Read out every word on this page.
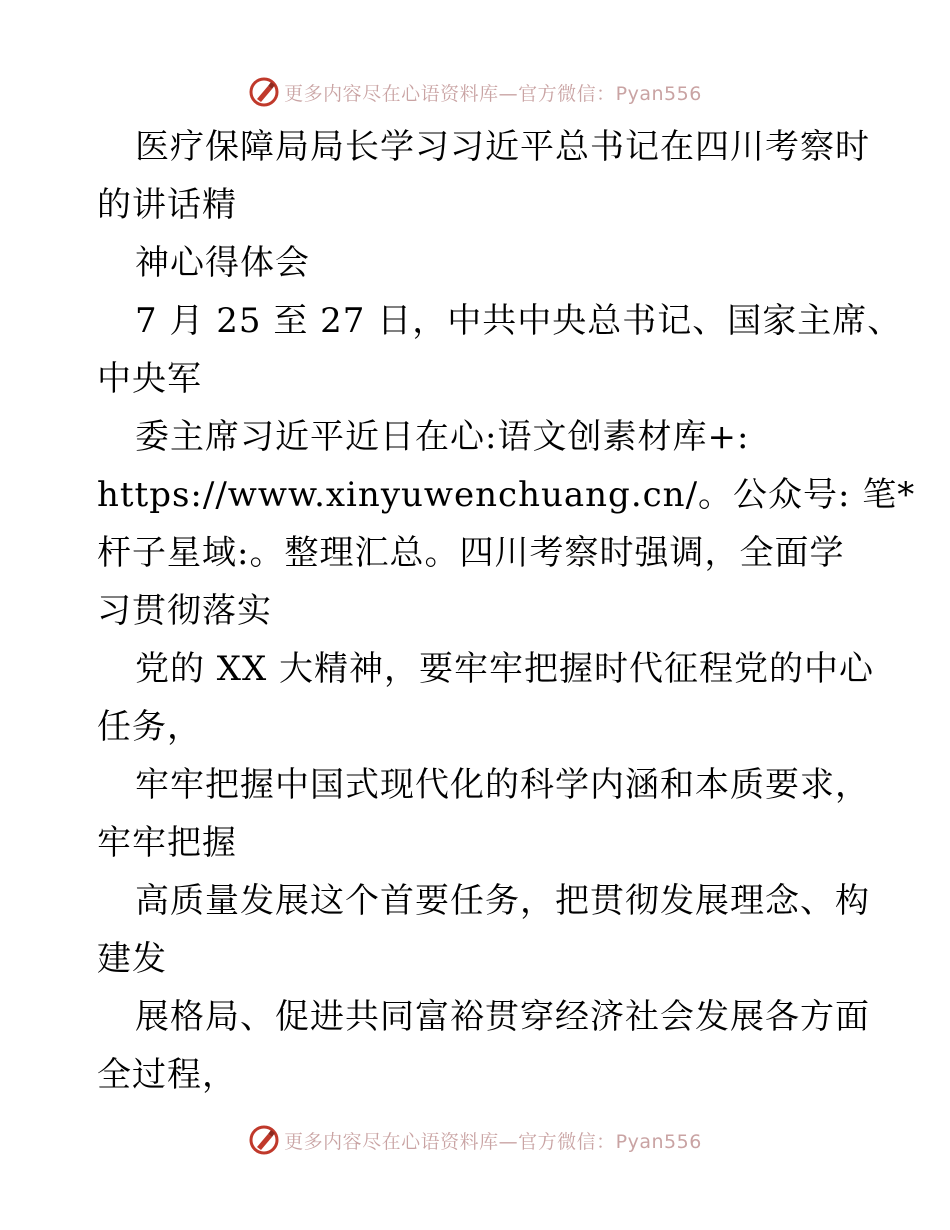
更多内容尽在心语资料库—官方微信：Pyan556
医疗保障局局长学习习近平总书记在四川考察时
的讲话精
神心得体会
7 月 25 至 27 日，中共中央总书记、国家主席、
中央军
委主席习近平近日在心:语文创素材库+:
https://www.xinyuwenchuang.cn/。公众号: 笔*
杆子星域:。整理汇总。四川考察时强调，全面学
习贯彻落实
党的 XX 大精神，要牢牢把握时代征程党的中心
任务，
牢牢把握中国式现代化的科学内涵和本质要求，
牢牢把握
高质量发展这个首要任务，把贯彻发展理念、构
建发
展格局、促进共同富裕贯穿经济社会发展各方面
全过程，
更多内容尽在心语资料库—官方微信：Pyan556
